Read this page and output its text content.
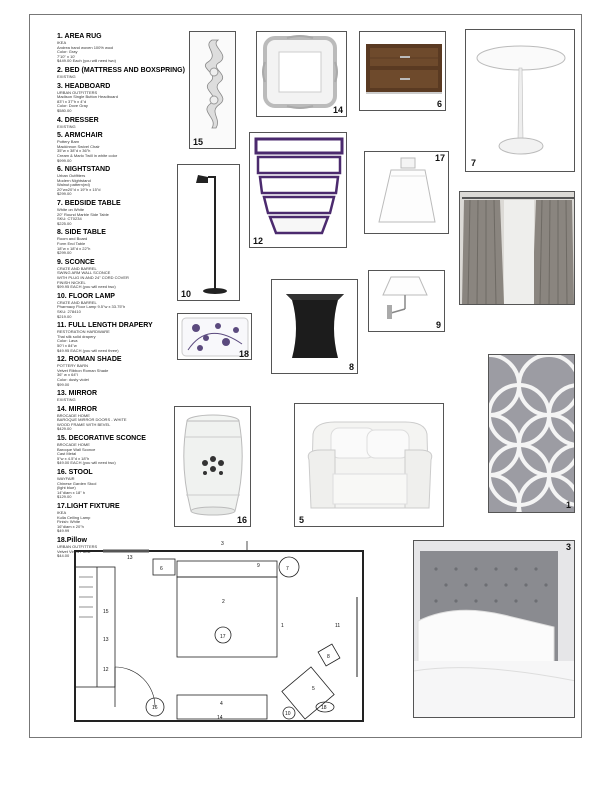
1. AREA RUG
IKEA
Andrea hand woven 100% wool
Color: Gray
7'10" x 10'
$449.00 Each (you will need two)
2. BED (MATTRESS AND BOXSPRING)
EXISTING
3. HEADBOARD
URBAN OUTFITTERS
Madison Single Button Headboard
83"l x 37"h x 4"d
Color: Dove Gray
$580.00
4. DRESSER
EXISTING
5. ARMCHAIR
Pottery Barn
Mackinnon Swivel Chair
35"w x 38"d x 36"h
Cream & Marlo Twill in white color
$999.00
6. NIGHTSTAND
Urban Outfitters
Modern Nightstand
Walnut pattern(ed)
20"wx20"d x 19"h x 15"d
$299.00
7. BEDSIDE TABLE
White on White
20" Round Marble Side Table
SKU: CT0234
$225.00
8. SIDE TABLE
Room and Board
Form End Table
18"w x 18"d x 22"h
$299.00
9. SCONCE
CRATE AND BARREL
SWING ARM WALL SCONCE
WITH PLUG IN AND 24" CORD COVER
FINISH NICKEL
$99.95 EACH (you will need two)
10. FLOOR LAMP
CRATE AND BARREL
Pharmacy Floor Lamp 9.5"w x 33.75"h
SKU: 278410
$219.00
11. FULL LENGTH DRAPERY
RESTORATION HARDWARE
Thai silk solid drapery
Color: Lava
50"l x 84"w
$49.95 EACH (you will need three)
12. ROMAN SHADE
POTTERY BARN
Velvet Ribbon Roman Shade
36" w x 64"l
Color: dusty violet
$99.00
13. MIRROR
EXISTING
14. MIRROR
BROCADE HOME
BAROQUE MIRROR DOORS - WHITE
WOOD FRAME WITH BEVEL
$429.00
15. DECORATIVE SCONCE
BROCADE HOME
Baroque Wall Sconce
Cast Metal
5"w x 4.5"d x 18"h
$49.00 EACH (you will need two)
16. STOOL
WAYFAIR
Chinese Garden Stool
(light blue)
14"diam x 18" h
$129.00
17.LIGHT FIXTURE
IKEA
Kulla Ceiling Lamp
Finish: White
16"diam x 20"h
$49.99
18.Pillow
URBAN OUTFITTERS
Velvet Vines Pillow
$44.00
15
14
6
7
12
10
17
8
9
18
1
16	5
3
13
6
3
9	7
2
1	11
17
15
13
12
8
5
16
4
14
10
18
